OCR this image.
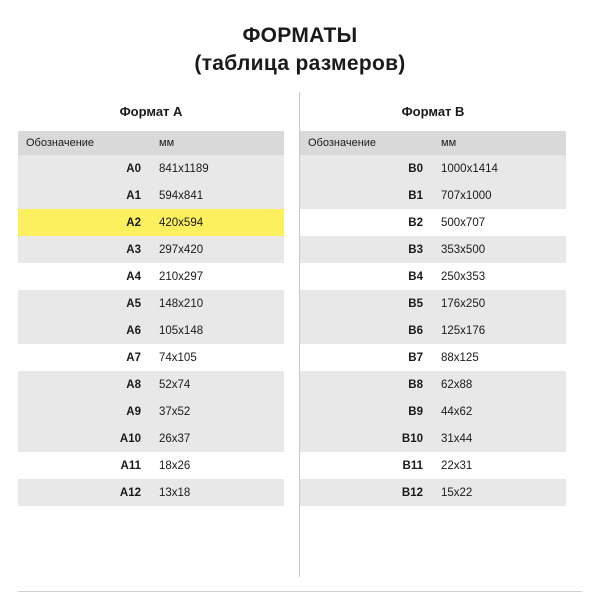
ФОРМАТЫ
(таблица размеров)
Формат А	
Обозначение	мм
A0	841x1189
A1	594x841
A2	420x594
A3	297x420
A4	210x297
A5	148x210
A6	105x148
A7	74x105
A8	52x74
A9	37x52
A10	26x37
A11	18x26
A12	13x18
Формат В	
Обозначение	мм
B0	1000x1414
B1	707x1000
B2	500x707
B3	353x500
B4	250x353
B5	176x250
B6	125x176
B7	88x125
B8	62x88
B9	44x62
B10	31x44
B11	22x31
B12	15x22
